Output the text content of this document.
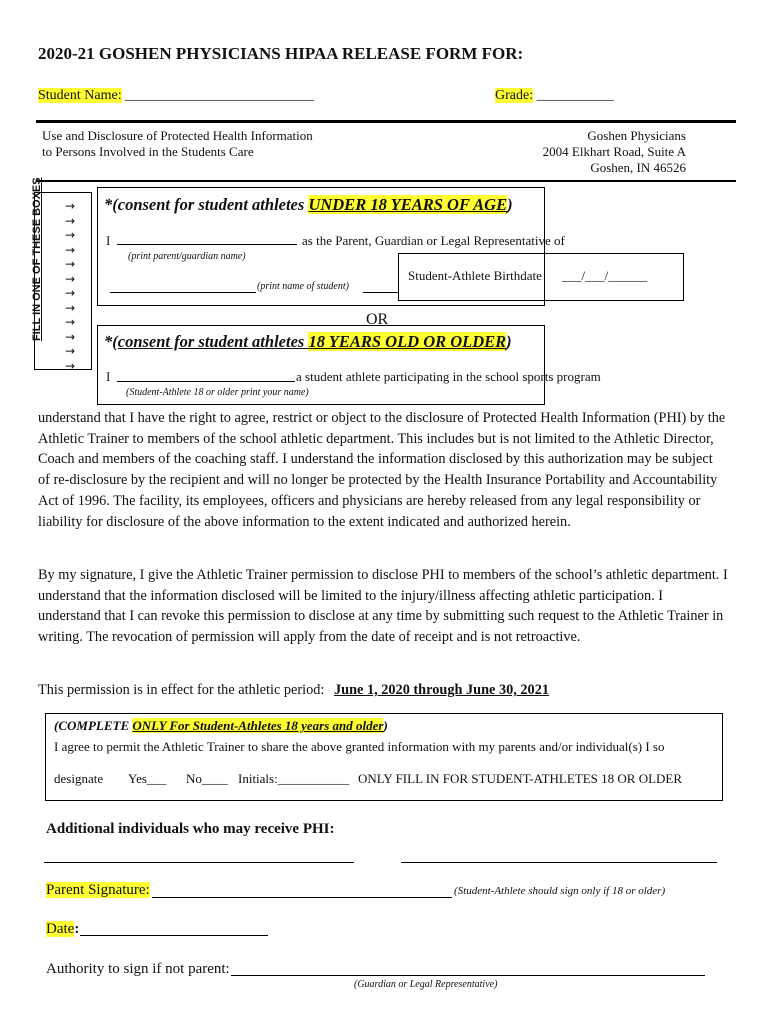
2020-21 GOSHEN PHYSICIANS HIPAA RELEASE FORM FOR:
Student Name: ___________________________	Grade: ___________
Use and Disclosure of Protected Health Information
to Persons Involved in the Students Care
Goshen Physicians
2004 Elkhart Road, Suite A
Goshen, IN 46526
FILL IN ONE OF THESE BOXES →
→
→
→
→
→
→
→
→
→
→
→
*(consent for student athletes UNDER 18 YEARS OF AGE)
I	as the Parent, Guardian or Legal Representative of
(print parent/guardian name)
(print name of student)
Student-Athlete Birthdate ___/___/______
OR
*(consent for student athletes 18 YEARS OLD OR OLDER)
I	a student athlete participating in the school sports program
(Student-Athlete 18 or older print your name)
understand that I have the right to agree, restrict or object to the disclosure of Protected Health Information (PHI) by the Athletic Trainer to members of the school athletic department. This includes but is not limited to the Athletic Director, Coach and members of the coaching staff. I understand the information disclosed by this authorization may be subject of re-disclosure by the recipient and will no longer be protected by the Health Insurance Portability and Accountability Act of 1996. The facility, its employees, officers and physicians are hereby released from any legal responsibility or liability for disclosure of the above information to the extent indicated and authorized herein.
By my signature, I give the Athletic Trainer permission to disclose PHI to members of the school’s athletic department. I understand that the information disclosed will be limited to the injury/illness affecting athletic participation. I understand that I can revoke this permission to disclose at any time by submitting such request to the Athletic Trainer in writing. The revocation of permission will apply from the date of receipt and is not retroactive.
This permission is in effect for the athletic period: June 1, 2020 through June 30, 2021
(COMPLETE ONLY For Student-Athletes 18 years and older)
I agree to permit the Athletic Trainer to share the above granted information with my parents and/or individual(s) I so
designate Yes___ No____ Initials:___________ ONLY FILL IN FOR STUDENT-ATHLETES 18 OR OLDER
Additional individuals who may receive PHI:
Parent Signature:	(Student-Athlete should sign only if 18 or older)
Date:
Authority to sign if not parent:
(Guardian or Legal Representative)
